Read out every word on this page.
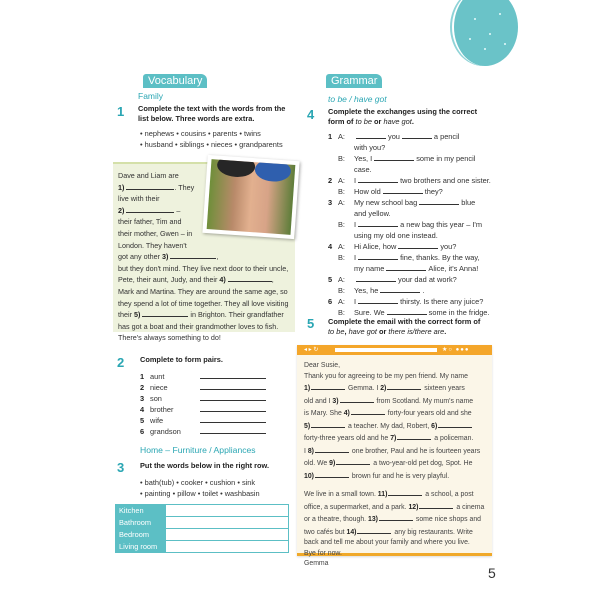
Vocabulary
Family
1 Complete the text with the words from the list below. Three words are extra.
• nephews • cousins • parents • twins
• husband • siblings • nieces • grandparents
Dave and Liam are
1)	. They
live with their
2)	–
their father, Tim and
their mother, Gwen – in
London. They haven't
got any other 3)	,
but they don't mind. They live next door to their uncle,
Pete, their aunt, Judy, and their 4)	,
Mark and Martina. They are around the same age, so
they spend a lot of time together. They all love visiting
their 5)	in Brighton. Their grandfather
has got a boat and their grandmother loves to fish.
There's always something to do!
2 Complete to form pairs.
1 aunt
2 niece
3 son
4 brother
5 wife
6 grandson
Home – Furniture / Appliances
3 Put the words below in the right row.
• bath(tub) • cooker • cushion • sink
• painting • pillow • toilet • washbasin
Kitchen	
Bathroom	
Bedroom	
Living room	
Grammar
to be / have got
4 Complete the exchanges using the correct
form of to be or have got.
1 A:	you	a pencil
with you?
B: Yes, I	some in my pencil
case.
2 A: I	two brothers and one sister.
B: How old	they?
3 A: My new school bag	blue
and yellow.
B: I	a new bag this year – I'm
using my old one instead.
4 A: Hi Alice, how	you?
B: I	fine, thanks. By the way,
my name	Alice, it's Anna!
5 A:	your dad at work?
B: Yes, he	.
6 A: I	thirsty. Is there any juice?
B: Sure. We	some in the fridge.
5 Complete the email with the correct form of
to be, have got or there is/there are.
◂ ▸ ↻	★○ ●●●
Dear Susie,
Thank you for agreeing to be my pen friend. My name
1)	Gemma. I 2)	sixteen years
old and I 3)	from Scotland. My mum's name
is Mary. She 4)	forty-four years old and she
5)	a teacher. My dad, Robert, 6)
forty-three years old and he 7)	a policeman.
I 8)	one brother, Paul and he is fourteen years
old. We 9)	a two-year-old pet dog, Spot. He
10)	brown fur and he is very playful.
We live in a small town. 11)	a school, a post
office, a supermarket, and a park. 12)	a cinema
or a theatre, though. 13)	some nice shops and
two cafés but 14)	any big restaurants. Write
back and tell me about your family and where you live.
Bye for now.
Gemma
5
